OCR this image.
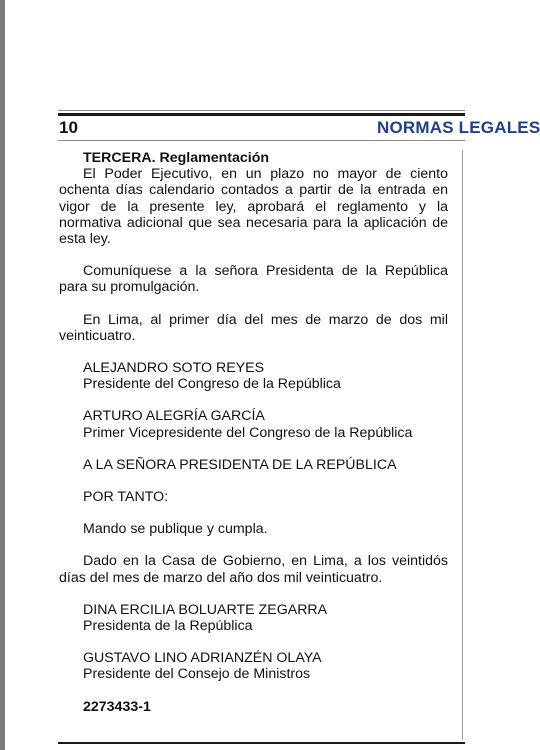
10	NORMAS LEGALES

TERCERA. Reglamentación

El Poder Ejecutivo, en un plazo no mayor de ciento ochenta días calendario contados a partir de la entrada en vigor de la presente ley, aprobará el reglamento y la normativa adicional que sea necesaria para la aplicación de esta ley.

Comuníquese a la señora Presidenta de la República para su promulgación.

En Lima, al primer día del mes de marzo de dos mil veinticuatro.

ALEJANDRO SOTO REYES
Presidente del Congreso de la República
ARTURO ALEGRÍA GARCÍA
Primer Vicepresidente del Congreso de la República

A LA SEÑORA PRESIDENTA DE LA REPÚBLICA

POR TANTO:

Mando se publique y cumpla.

Dado en la Casa de Gobierno, en Lima, a los veintidós días del mes de marzo del año dos mil veinticuatro.

DINA ERCILIA BOLUARTE ZEGARRA
Presidenta de la República
GUSTAVO LINO ADRIANZÉN OLAYA
Presidente del Consejo de Ministros

2273433-1
